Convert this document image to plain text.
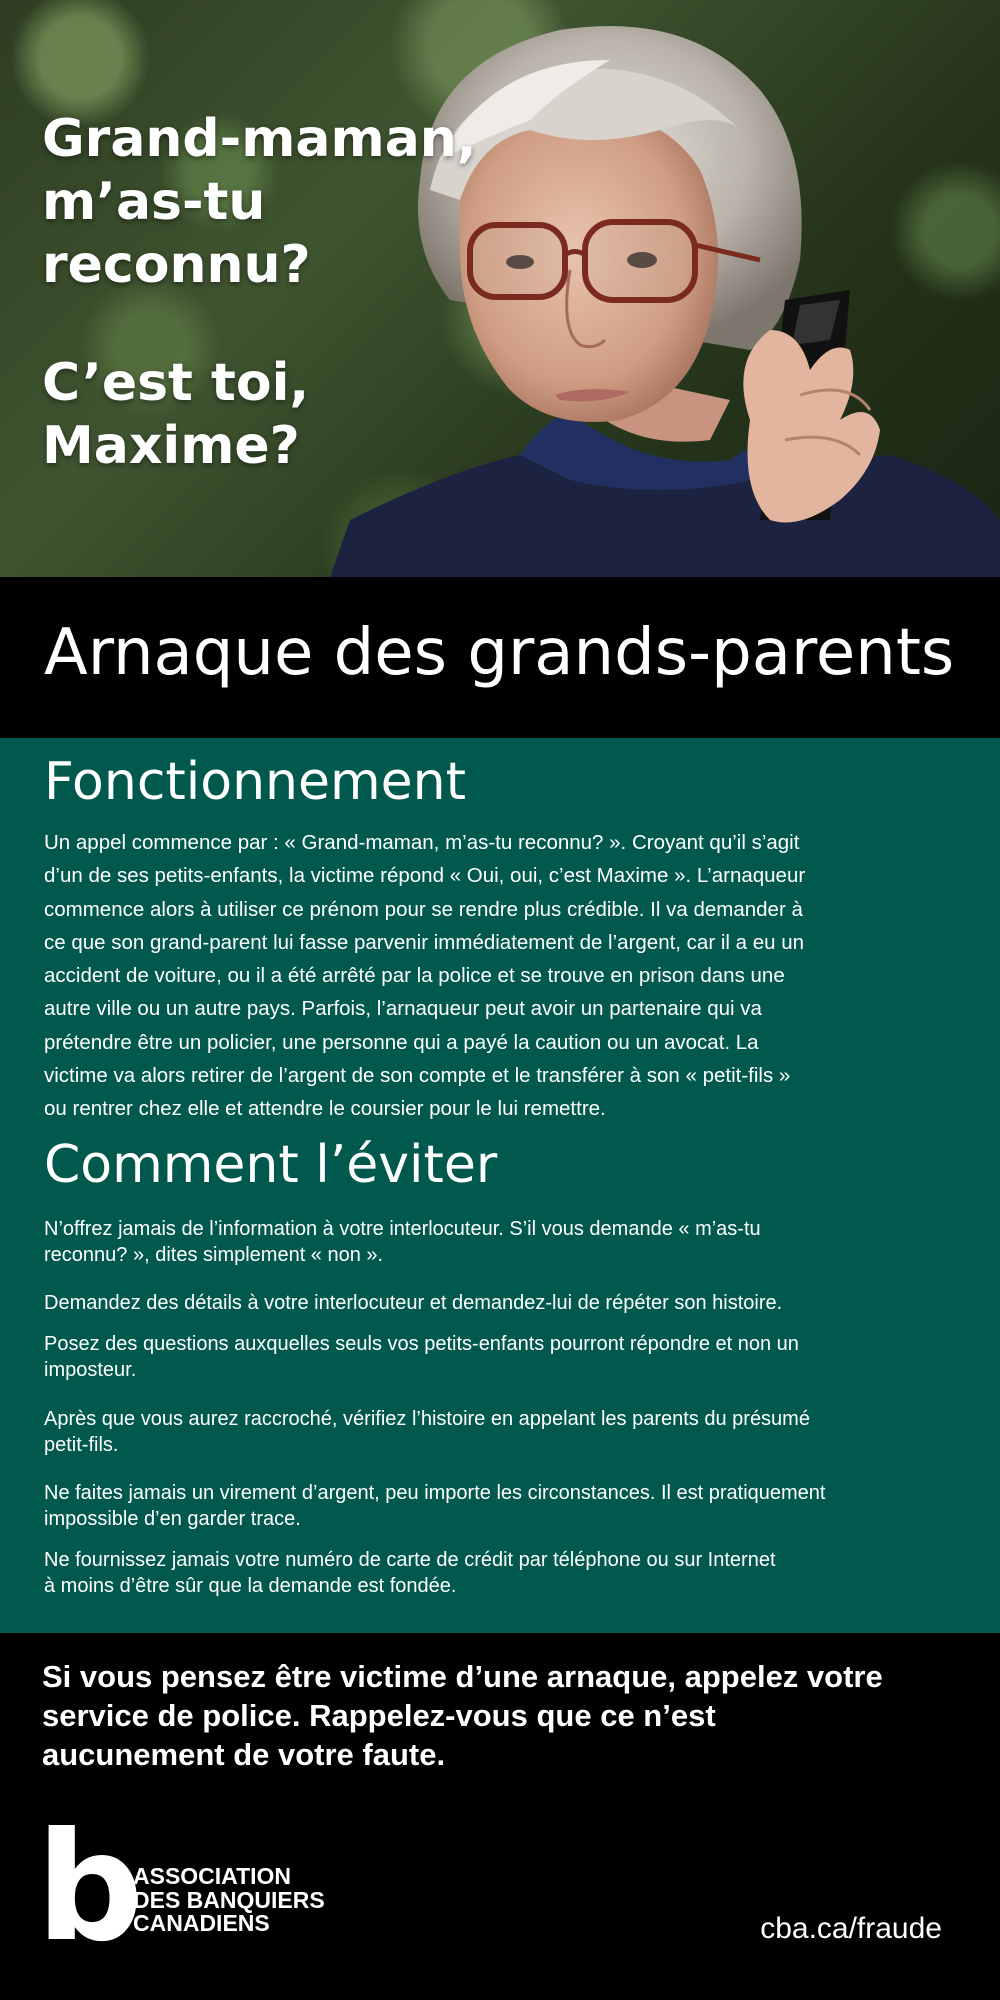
Grand-maman,
m’as-tu
reconnu?

C’est toi,
Maxime?

Arnaque des grands-parents
Fonctionnement
Un appel commence par : « Grand-maman, m’as-tu reconnu? ». Croyant qu’il s’agit
d’un de ses petits-enfants, la victime répond « Oui, oui, c’est Maxime ». L’arnaqueur
commence alors à utiliser ce prénom pour se rendre plus crédible. Il va demander à
ce que son grand-parent lui fasse parvenir immédiatement de l’argent, car il a eu un
accident de voiture, ou il a été arrêté par la police et se trouve en prison dans une
autre ville ou un autre pays. Parfois, l’arnaqueur peut avoir un partenaire qui va
prétendre être un policier, une personne qui a payé la caution ou un avocat. La
victime va alors retirer de l’argent de son compte et le transférer à son « petit-fils »
ou rentrer chez elle et attendre le coursier pour le lui remettre.
Comment l’éviter
N’offrez jamais de l’information à votre interlocuteur. S’il vous demande « m’as-tu
reconnu? », dites simplement « non ».
Demandez des détails à votre interlocuteur et demandez-lui de répéter son histoire.
Posez des questions auxquelles seuls vos petits-enfants pourront répondre et non un
imposteur.
Après que vous aurez raccroché, vérifiez l’histoire en appelant les parents du présumé
petit-fils.
Ne faites jamais un virement d’argent, peu importe les circonstances. Il est pratiquement
impossible d’en garder trace.
Ne fournissez jamais votre numéro de carte de crédit par téléphone ou sur Internet
à moins d’être sûr que la demande est fondée.

Si vous pensez être victime d’une arnaque, appelez votre
service de police. Rappelez-vous que ce n’est
aucunement de votre faute.

b
ASSOCIATION
DES BANQUIERS
CANADIENS	cba.ca/fraude
